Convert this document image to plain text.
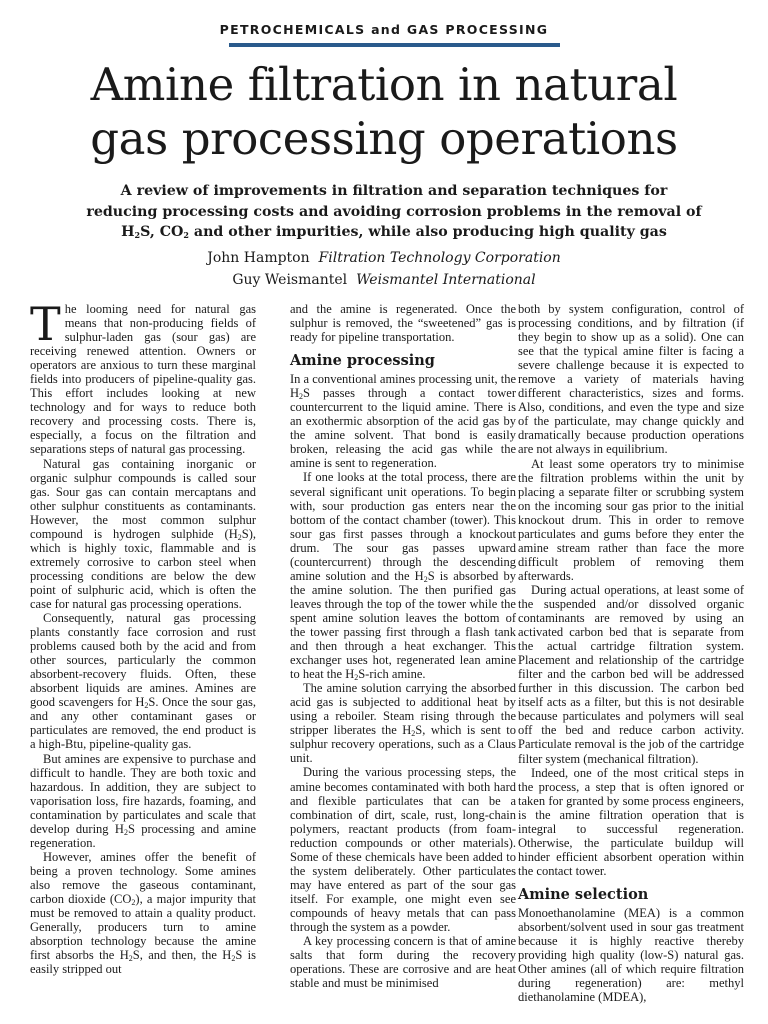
PETROCHEMICALS and GAS PROCESSING
Amine filtration in natural
gas processing operations
A review of improvements in filtration and separation techniques for reducing processing costs and avoiding corrosion problems in the removal of $H_2S$, $CO_2$ and other impurities, while also producing high quality gas
John Hampton Filtration Technology Corporation
Guy Weismantel Weismantel International

The looming need for natural gas means that non-producing fields of sulphur-laden gas (sour gas) are receiving renewed attention. Owners or operators are anxious to turn these marginal fields into producers of pipeline-quality gas. This effort includes looking at new technology and for ways to reduce both recovery and processing costs. There is, especially, a focus on the filtration and separations steps of natural gas processing.

Natural gas containing inorganic or organic sulphur compounds is called sour gas. Sour gas can contain mercaptans and other sulphur constituents as contaminants. However, the most common sulphur compound is hydrogen sulphide $(H_2S)$, which is highly toxic, flammable and is extremely corrosive to carbon steel when processing conditions are below the dew point of sulphuric acid, which is often the case for natural gas processing operations.

Consequently, natural gas processing plants constantly face corrosion and rust problems caused both by the acid and from other sources, particularly the common absorbent-recovery fluids. Often, these absorbent liquids are amines. Amines are good scavengers for $H_2S$. Once the sour gas, and any other contaminant gases or particulates are removed, the end product is a high-Btu, pipeline-quality gas.

But amines are expensive to purchase and difficult to handle. They are both toxic and hazardous. In addition, they are subject to vaporisation loss, fire hazards, foaming, and contamination by particulates and scale that develop during $H_2S$ processing and amine regeneration.

However, amines offer the benefit of being a proven technology. Some amines also remove the gaseous contaminant, carbon dioxide $(CO_2)$, a major impurity that must be removed to attain a quality product. Generally, producers turn to amine absorption technology because the amine first absorbs the $H_2S$, and then, the $H_2S$ is easily stripped out

and the amine is regenerated. Once the sulphur is removed, the “sweetened” gas is ready for pipeline transportation.

Amine processing

In a conventional amines processing unit, the $H_2S$ passes through a contact tower countercurrent to the liquid amine. There is an exothermic absorption of the acid gas by the amine solvent. That bond is easily broken, releasing the acid gas while the amine is sent to regeneration.

If one looks at the total process, there are several significant unit operations. To begin with, sour production gas enters near the bottom of the contact chamber (tower). This sour gas first passes through a knockout drum. The sour gas passes upward (countercurrent) through the descending amine solution and the $H_2S$ is absorbed by the amine solution. The then purified gas leaves through the top of the tower while the spent amine solution leaves the bottom of the tower passing first through a flash tank and then through a heat exchanger. This exchanger uses hot, regenerated lean amine to heat the $H_2S$-rich amine.

The amine solution carrying the absorbed acid gas is subjected to additional heat by using a reboiler. Steam rising through the stripper liberates the $H_2S$, which is sent to sulphur recovery operations, such as a Claus unit.

During the various processing steps, the amine becomes contaminated with both hard and flexible particulates that can be a combination of dirt, scale, rust, long-chain polymers, reactant products (from foam-reduction compounds or other materials). Some of these chemicals have been added to the system deliberately. Other particulates may have entered as part of the sour gas itself. For example, one might even see compounds of heavy metals that can pass through the system as a powder.

A key processing concern is that of amine salts that form during the recovery operations. These are corrosive and are heat stable and must be minimised

both by system configuration, control of processing conditions, and by filtration (if they begin to show up as a solid). One can see that the typical amine filter is facing a severe challenge because it is expected to remove a variety of materials having different characteristics, sizes and forms. Also, conditions, and even the type and size of the particulate, may change quickly and dramatically because production operations are not always in equilibrium.

At least some operators try to minimise the filtration problems within the unit by placing a separate filter or scrubbing system on the incoming sour gas prior to the initial knockout drum. This in order to remove particulates and gums before they enter the amine stream rather than face the more difficult problem of removing them afterwards.

During actual operations, at least some of the suspended and/or dissolved organic contaminants are removed by using an activated carbon bed that is separate from the actual cartridge filtration system. Placement and relationship of the cartridge filter and the carbon bed will be addressed further in this discussion. The carbon bed itself acts as a filter, but this is not desirable because particulates and polymers will seal off the bed and reduce carbon activity. Particulate removal is the job of the cartridge filter system (mechanical filtration).

Indeed, one of the most critical steps in the process, a step that is often ignored or taken for granted by some process engineers, is the amine filtration operation that is integral to successful regeneration. Otherwise, the particulate buildup will hinder efficient absorbent operation within the contact tower.

Amine selection

Monoethanolamine (MEA) is a common absorbent/solvent used in sour gas treatment because it is highly reactive thereby providing high quality (low-S) natural gas. Other amines (all of which require filtration during regeneration) are: methyl diethanolamine (MDEA),
